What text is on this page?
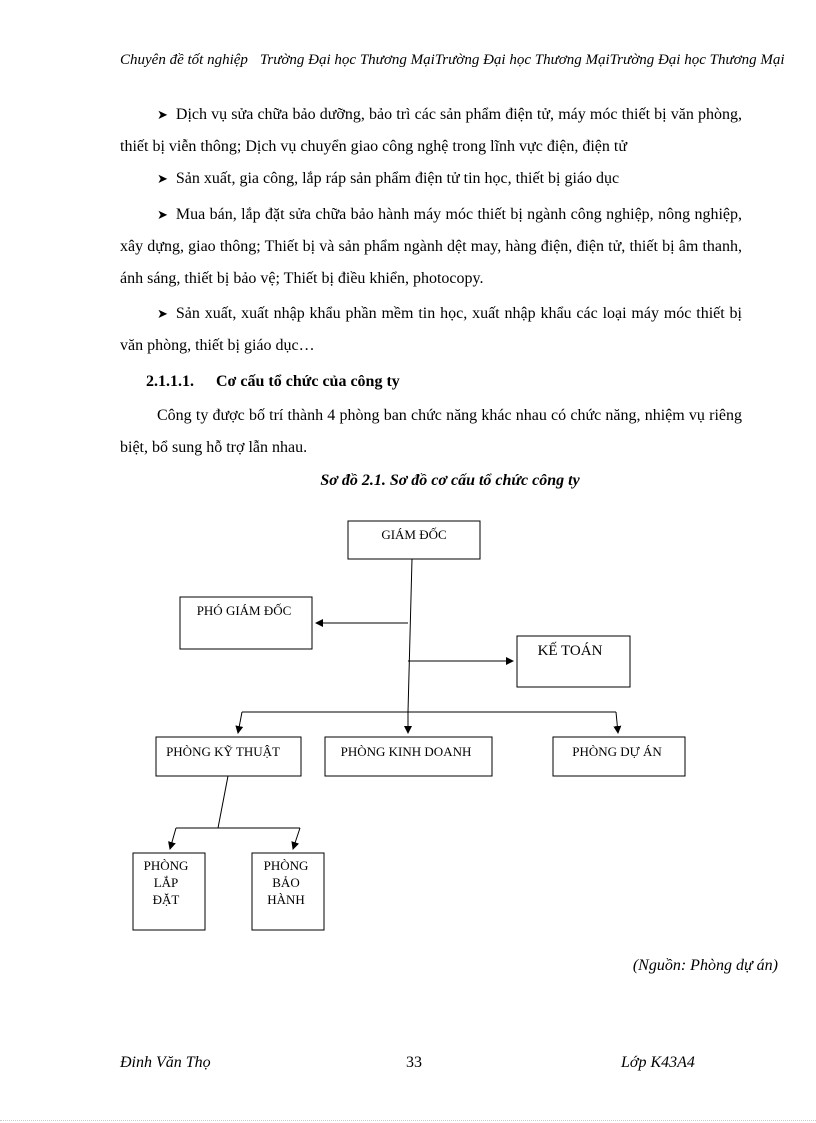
Chuyên đề tốt nghiệp Trường Đại học Thương MạiTrường Đại học Thương MạiTrường Đại học Thương Mại
➤ Dịch vụ sửa chữa bảo dưỡng, bảo trì các sản phẩm điện tử, máy móc thiết bị văn phòng, thiết bị viễn thông; Dịch vụ chuyển giao công nghệ trong lĩnh vực điện, điện tử
➤ Sản xuất, gia công, lắp ráp sản phẩm điện tử tin học, thiết bị giáo dục
➤ Mua bán, lắp đặt sửa chữa bảo hành máy móc thiết bị ngành công nghiệp, nông nghiệp, xây dựng, giao thông; Thiết bị và sản phẩm ngành dệt may, hàng điện, điện tử, thiết bị âm thanh, ánh sáng, thiết bị bảo vệ; Thiết bị điều khiển, photocopy.
➤ Sản xuất, xuất nhập khẩu phần mềm tin học, xuất nhập khẩu các loại máy móc thiết bị văn phòng, thiết bị giáo dục…
2.1.1.1. Cơ cấu tổ chức của công ty
Công ty được bố trí thành 4 phòng ban chức năng khác nhau có chức năng, nhiệm vụ riêng biệt, bổ sung hỗ trợ lẫn nhau.
Sơ đồ 2.1. Sơ đồ cơ cấu tổ chức công ty
GIÁM ĐỐC
PHÓ GIÁM ĐỐC
KẾ TOÁN
PHÒNG KỸ THUẬT	PHÒNG KINH DOANH	PHÒNG DỰ ÁN
PHÒNG
LẮP
ĐẶT
PHÒNG
BẢO
HÀNH
(Nguồn: Phòng dự án)
Đinh Văn Thọ	33	Lớp K43A4
